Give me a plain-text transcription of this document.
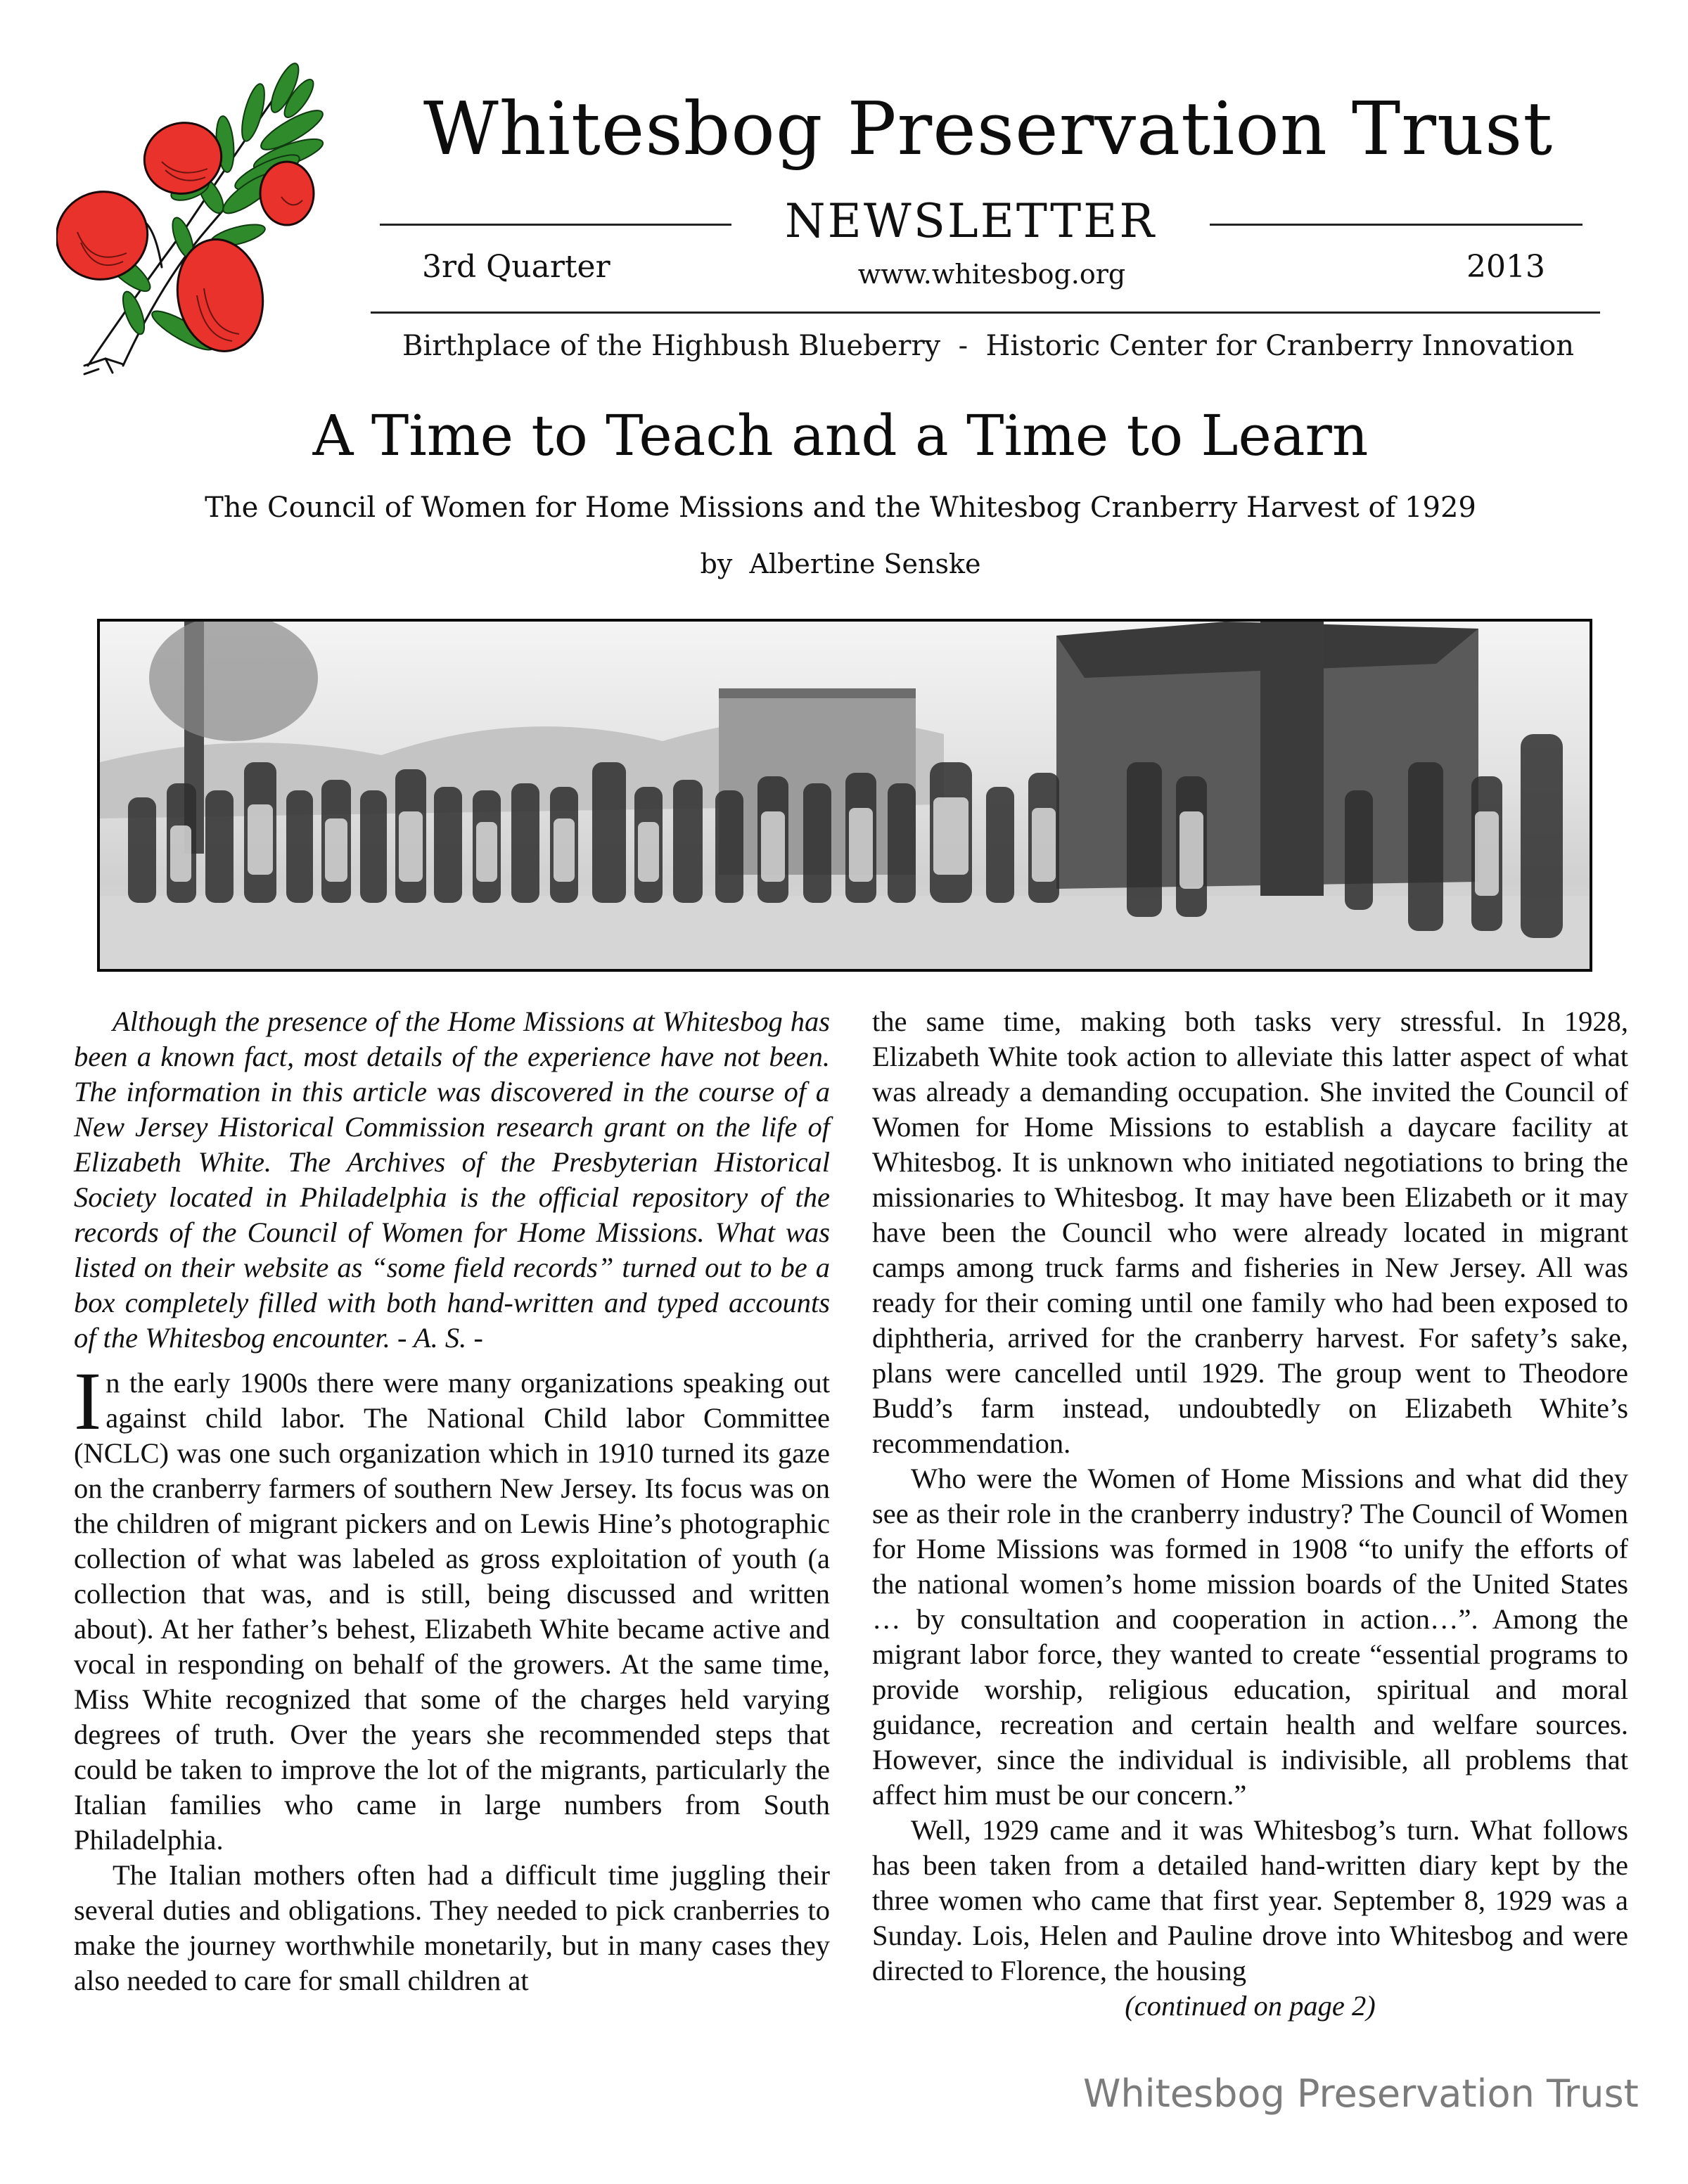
Whitesbog Preservation Trust
NEWSLETTER
3rd Quarter	www.whitesbog.org	2013
Birthplace of the Highbush Blueberry  -  Historic Center for Cranberry Innovation
A Time to Teach and a Time to Learn
The Council of Women for Home Missions and the Whitesbog Cranberry Harvest of 1929
by  Albertine Senske

Although the presence of the Home Missions at Whitesbog has been a known fact, most details of the experience have not been. The information in this article was discovered in the course of a New Jersey Historical Commission research grant on the life of Elizabeth White. The Archives of the Presbyterian Historical Society located in Philadelphia is the official repository of the records of the Council of Women for Home Missions. What was listed on their website as “some field records” turned out to be a box completely filled with both hand-written and typed accounts of the Whitesbog encounter. - A. S. -

In the early 1900s there were many organizations speaking out against child labor. The National Child labor Committee (NCLC) was one such organization which in 1910 turned its gaze on the cranberry farmers of southern New Jersey. Its focus was on the children of migrant pickers and on Lewis Hine’s photographic collection of what was labeled as gross exploitation of youth (a collection that was, and is still, being discussed and written about). At her father’s behest, Elizabeth White became active and vocal in responding on behalf of the growers. At the same time, Miss White recognized that some of the charges held varying degrees of truth. Over the years she recommended steps that could be taken to improve the lot of the migrants, particularly the Italian families who came in large numbers from South Philadelphia.

The Italian mothers often had a difficult time juggling their several duties and obligations. They needed to pick cranberries to make the journey worthwhile monetarily, but in many cases they also needed to care for small children at

the same time, making both tasks very stressful. In 1928, Elizabeth White took action to alleviate this latter aspect of what was already a demanding occupation. She invited the Council of Women for Home Missions to establish a daycare facility at Whitesbog. It is unknown who initiated negotiations to bring the missionaries to Whitesbog. It may have been Elizabeth or it may have been the Council who were already located in migrant camps among truck farms and fisheries in New Jersey. All was ready for their coming until one family who had been exposed to diphtheria, arrived for the cranberry harvest. For safety’s sake, plans were cancelled until 1929. The group went to Theodore Budd’s farm instead, undoubtedly on Elizabeth White’s recommendation.

Who were the Women of Home Missions and what did they see as their role in the cranberry industry? The Council of Women for Home Missions was formed in 1908 “to unify the efforts of the national women’s home mission boards of the United States … by consultation and cooperation in action…”. Among the migrant labor force, they wanted to create “essential programs to provide worship, religious education, spiritual and moral guidance, recreation and certain health and welfare sources. However, since the individual is indivisible, all problems that affect him must be our concern.”

Well, 1929 came and it was Whitesbog’s turn. What follows has been taken from a detailed hand-written diary kept by the three women who came that first year. September 8, 1929 was a Sunday. Lois, Helen and Pauline drove into Whitesbog and were directed to Florence, the housing

(continued on page 2)

Whitesbog Preservation Trust
